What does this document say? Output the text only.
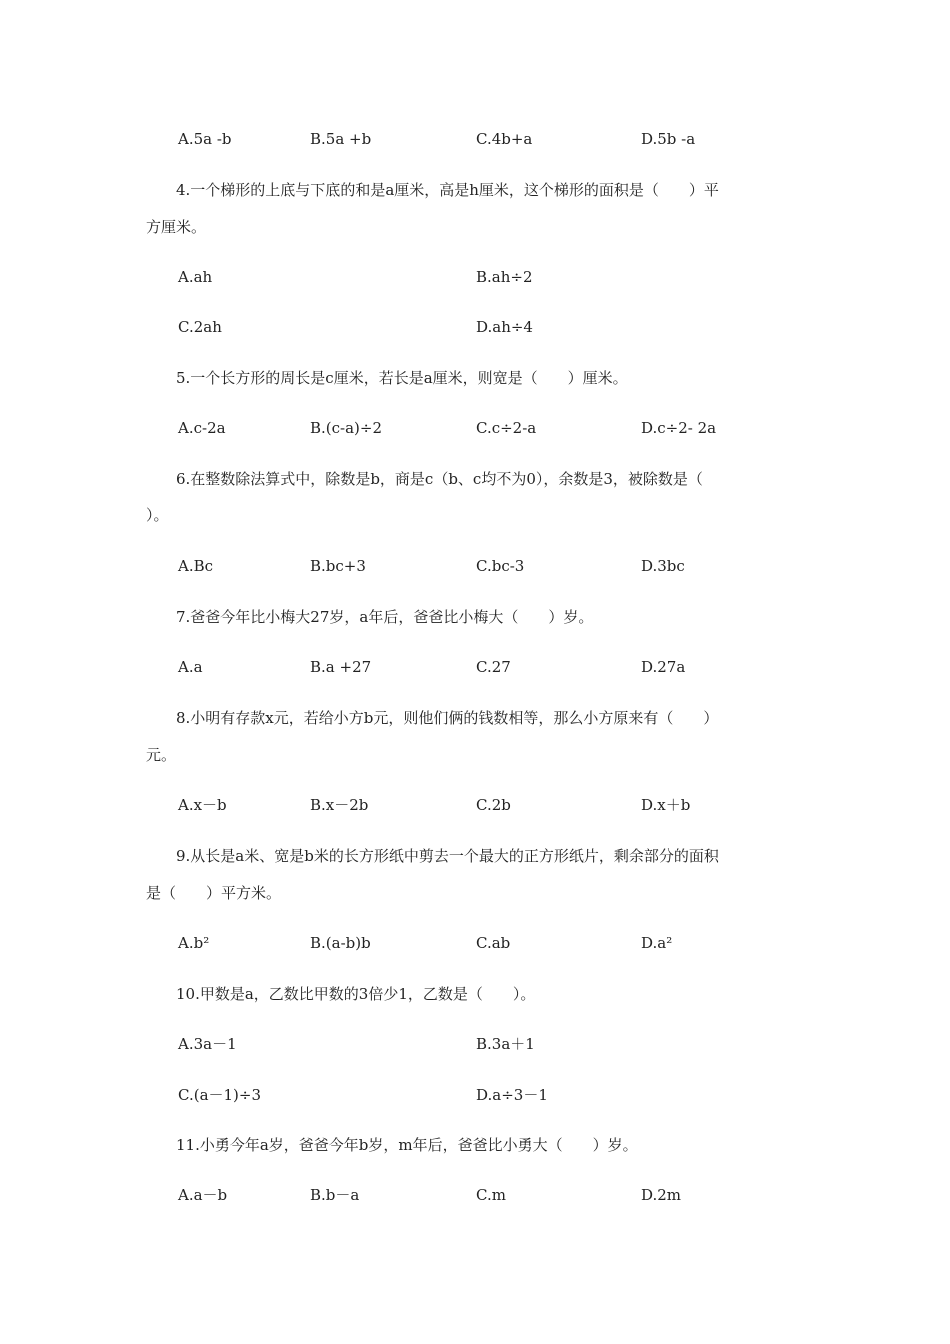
A.5a -b	B.5a +b	C.4b+a	D.5b -a
4.一个梯形的上底与下底的和是a厘米，高是h厘米，这个梯形的面积是（　　）平
方厘米。
A.ah	B.ah÷2
C.2ah	D.ah÷4
5.一个长方形的周长是c厘米，若长是a厘米，则宽是（　　）厘米。
A.c-2a	B.(c-a)÷2	C.c÷2-a	D.c÷2- 2a
6.在整数除法算式中，除数是b，商是c（b、c均不为0），余数是3，被除数是（
）。
A.Bc	B.bc+3	C.bc-3	D.3bc
7.爸爸今年比小梅大27岁，a年后，爸爸比小梅大（　　）岁。
A.a	B.a +27	C.27	D.27a
8.小明有存款x元，若给小方b元，则他们俩的钱数相等，那么小方原来有（　　）
元。
A.x－b	B.x－2b	C.2b	D.x＋b
9.从长是a米、宽是b米的长方形纸中剪去一个最大的正方形纸片，剩余部分的面积
是（　　）平方米。
A.b²	B.(a-b)b	C.ab	D.a²
10.甲数是a，乙数比甲数的3倍少1，乙数是（　　）。
A.3a－1	B.3a＋1
C.(a－1)÷3	D.a÷3－1
11.小勇今年a岁，爸爸今年b岁，m年后，爸爸比小勇大（　　）岁。
A.a－b	B.b－a	C.m	D.2m
